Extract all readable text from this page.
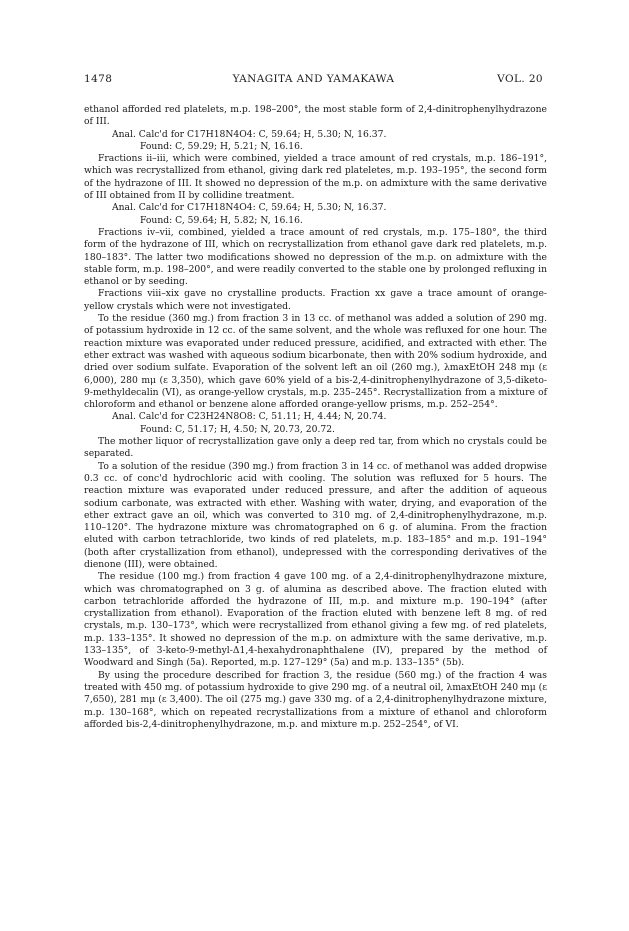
1478	YANAGITA AND YAMAKAWA	VOL. 20

ethanol afforded red platelets, m.p. 198–200°, the most stable form of 2,4-dinitrophenylhydrazone of III.

Anal. Calc'd for C17H18N4O4: C, 59.64; H, 5.30; N, 16.37.

Found: C, 59.29; H, 5.21; N, 16.16.

Fractions ii–iii, which were combined, yielded a trace amount of red crystals, m.p. 186–191°, which was recrystallized from ethanol, giving dark red plateletes, m.p. 193–195°, the second form of the hydrazone of III. It showed no depression of the m.p. on admixture with the same derivative of III obtained from II by collidine treatment.

Anal. Calc'd for C17H18N4O4: C, 59.64; H, 5.30; N, 16.37.

Found: C, 59.64; H, 5.82; N, 16.16.

Fractions iv–vii, combined, yielded a trace amount of red crystals, m.p. 175–180°, the third form of the hydrazone of III, which on recrystallization from ethanol gave dark red platelets, m.p. 180–183°. The latter two modifications showed no depression of the m.p. on admixture with the stable form, m.p. 198–200°, and were readily converted to the stable one by prolonged refluxing in ethanol or by seeding.

Fractions viii–xix gave no crystalline products. Fraction xx gave a trace amount of orange-yellow crystals which were not investigated.

To the residue (360 mg.) from fraction 3 in 13 cc. of methanol was added a solution of 290 mg. of potassium hydroxide in 12 cc. of the same solvent, and the whole was refluxed for one hour. The reaction mixture was evaporated under reduced pressure, acidified, and extracted with ether. The ether extract was washed with aqueous sodium bicarbonate, then with 20% sodium hydroxide, and dried over sodium sulfate. Evaporation of the solvent left an oil (260 mg.), λmaxEtOH 248 mμ (ε 6,000), 280 mμ (ε 3,350), which gave 60% yield of a bis-2,4-dinitrophenylhydrazone of 3,5-diketo-9-methyldecalin (VI), as orange-yellow crystals, m.p. 235–245°. Recrystallization from a mixture of chloroform and ethanol or benzene alone afforded orange-yellow prisms, m.p. 252–254°.

Anal. Calc'd for C23H24N8O8: C, 51.11; H, 4.44; N, 20.74.

Found: C, 51.17; H, 4.50; N, 20.73, 20.72.

The mother liquor of recrystallization gave only a deep red tar, from which no crystals could be separated.

To a solution of the residue (390 mg.) from fraction 3 in 14 cc. of methanol was added dropwise 0.3 cc. of conc'd hydrochloric acid with cooling. The solution was refluxed for 5 hours. The reaction mixture was evaporated under reduced pressure, and after the addition of aqueous sodium carbonate, was extracted with ether. Washing with water, drying, and evaporation of the ether extract gave an oil, which was converted to 310 mg. of 2,4-dinitrophenylhydrazone, m.p. 110–120°. The hydrazone mixture was chromatographed on 6 g. of alumina. From the fraction eluted with carbon tetrachloride, two kinds of red platelets, m.p. 183–185° and m.p. 191–194° (both after crystallization from ethanol), undepressed with the corresponding derivatives of the dienone (III), were obtained.

The residue (100 mg.) from fraction 4 gave 100 mg. of a 2,4-dinitrophenylhydrazone mixture, which was chromatographed on 3 g. of alumina as described above. The fraction eluted with carbon tetrachloride afforded the hydrazone of III, m.p. and mixture m.p. 190–194° (after crystallization from ethanol). Evaporation of the fraction eluted with benzene left 8 mg. of red crystals, m.p. 130–173°, which were recrystallized from ethanol giving a few mg. of red platelets, m.p. 133–135°. It showed no depression of the m.p. on admixture with the same derivative, m.p. 133–135°, of 3-keto-9-methyl-Δ1,4-hexahydronaphthalene (IV), prepared by the method of Woodward and Singh (5a). Reported, m.p. 127–129° (5a) and m.p. 133–135° (5b).

By using the procedure described for fraction 3, the residue (560 mg.) of the fraction 4 was treated with 450 mg. of potassium hydroxide to give 290 mg. of a neutral oil, λmaxEtOH 240 mμ (ε 7,650), 281 mμ (ε 3,400). The oil (275 mg.) gave 330 mg. of a 2,4-dinitrophenylhydrazone mixture, m.p. 130–168°, which on repeated recrystallizations from a mixture of ethanol and chloroform afforded bis-2,4-dinitrophenylhydrazone, m.p. and mixture m.p. 252–254°, of VI.
